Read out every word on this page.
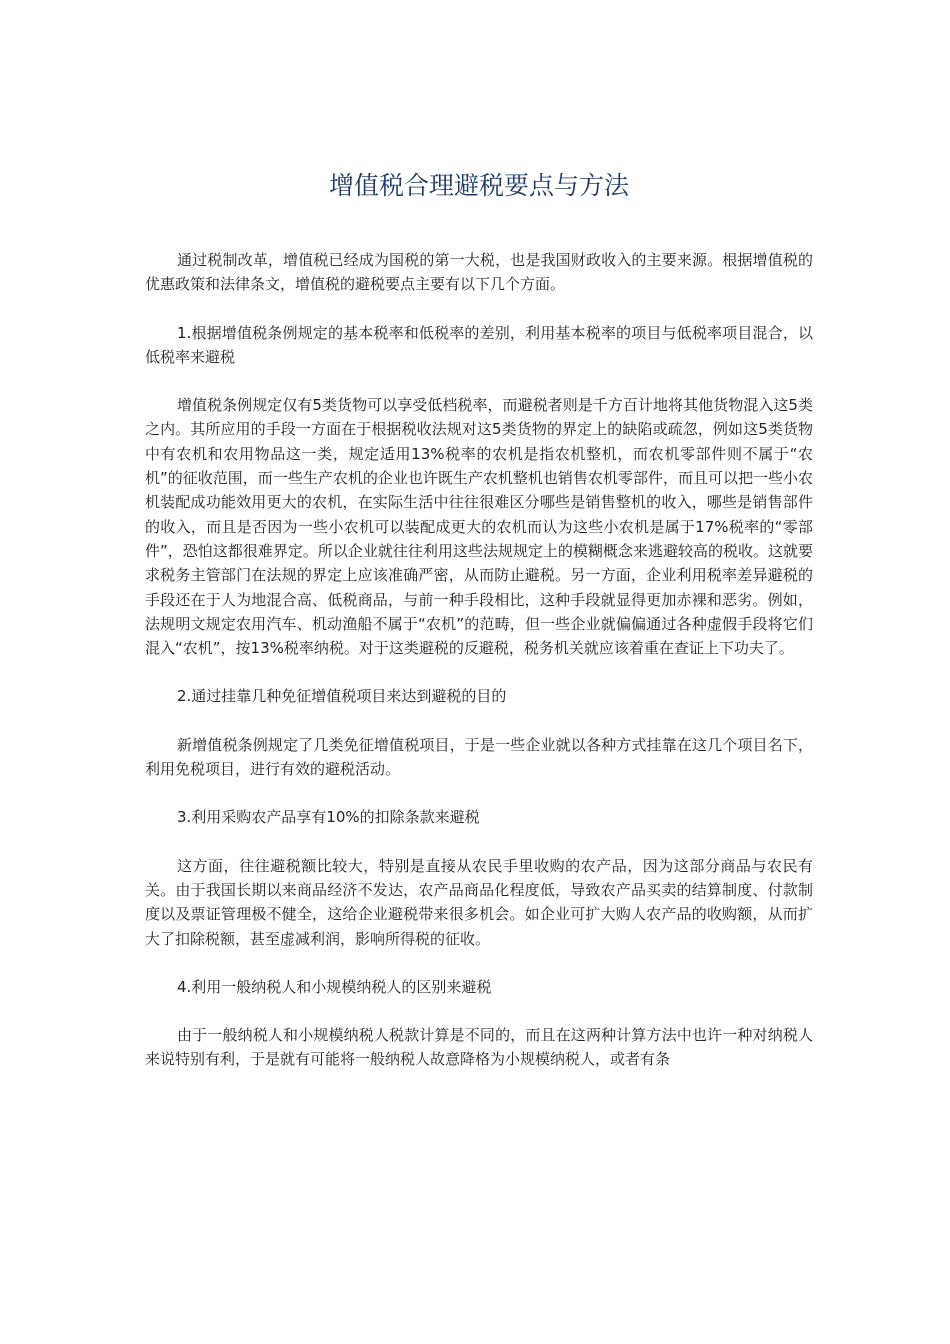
增值税合理避税要点与方法

通过税制改革，增值税已经成为国税的第一大税，也是我国财政收入的主要来源。根据增值税的优惠政策和法律条文，增值税的避税要点主要有以下几个方面。

1.根据增值税条例规定的基本税率和低税率的差别，利用基本税率的项目与低税率项目混合，以低税率来避税

增值税条例规定仅有5类货物可以享受低档税率，而避税者则是千方百计地将其他货物混入这5类之内。其所应用的手段一方面在于根据税收法规对这5类货物的界定上的缺陷或疏忽，例如这5类货物中有农机和农用物品这一类，规定适用13%税率的农机是指农机整机，而农机零部件则不属于“农机”的征收范围，而一些生产农机的企业也许既生产农机整机也销售农机零部件，而且可以把一些小农机装配成功能效用更大的农机，在实际生活中往往很难区分哪些是销售整机的收入，哪些是销售部件的收入，而且是否因为一些小农机可以装配成更大的农机而认为这些小农机是属于17%税率的“零部件”，恐怕这都很难界定。所以企业就往往利用这些法规规定上的模糊概念来逃避较高的税收。这就要求税务主管部门在法规的界定上应该准确严密，从而防止避税。另一方面，企业利用税率差异避税的手段还在于人为地混合高、低税商品，与前一种手段相比，这种手段就显得更加赤裸和恶劣。例如，法规明文规定农用汽车、机动渔船不属于“农机”的范畴，但一些企业就偏偏通过各种虚假手段将它们混入“农机”，按13%税率纳税。对于这类避税的反避税，税务机关就应该着重在查证上下功夫了。

2.通过挂靠几种免征增值税项目来达到避税的目的

新增值税条例规定了几类免征增值税项目，于是一些企业就以各种方式挂靠在这几个项目名下，利用免税项目，进行有效的避税活动。

3.利用采购农产品享有10%的扣除条款来避税

这方面，往往避税额比较大，特别是直接从农民手里收购的农产品，因为这部分商品与农民有关。由于我国长期以来商品经济不发达，农产品商品化程度低，导致农产品买卖的结算制度、付款制度以及票证管理极不健全，这给企业避税带来很多机会。如企业可扩大购人农产品的收购额，从而扩大了扣除税额，甚至虚减利润，影响所得税的征收。

4.利用一般纳税人和小规模纳税人的区别来避税

由于一般纳税人和小规模纳税人税款计算是不同的，而且在这两种计算方法中也许一种对纳税人来说特别有利，于是就有可能将一般纳税人故意降格为小规模纳税人，或者有条
